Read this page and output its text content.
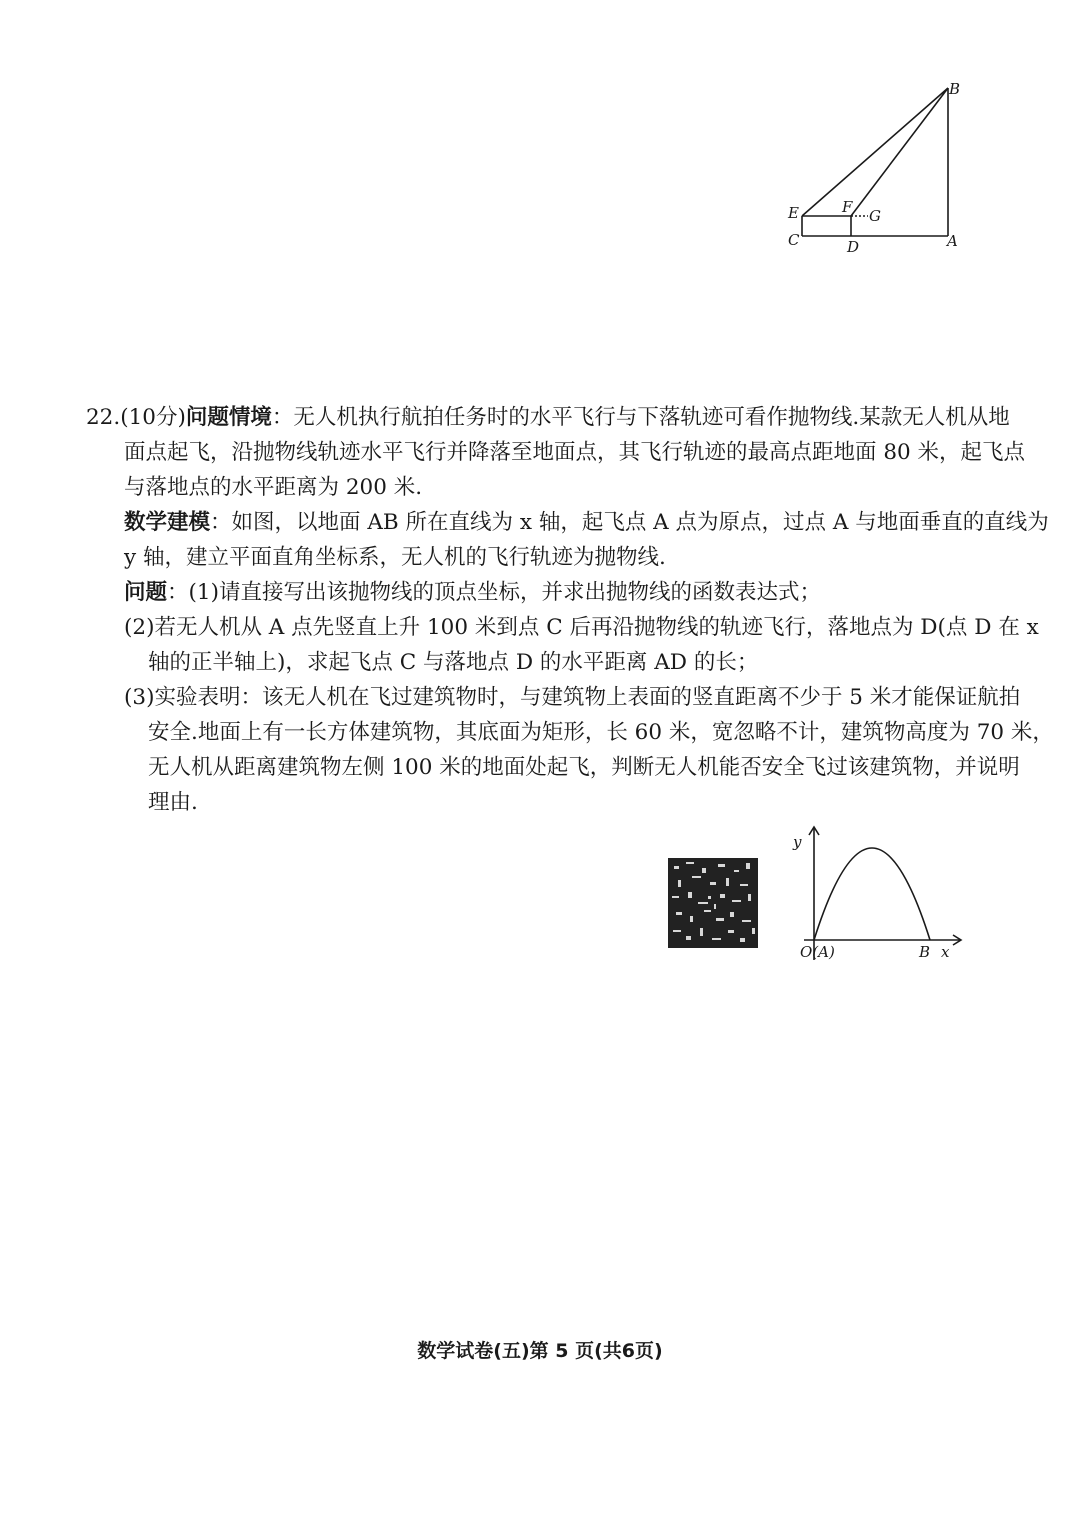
B
E	F G
C	D	A
22.(10分)问题情境：无人机执行航拍任务时的水平飞行与下落轨迹可看作抛物线.某款无人机从地
面点起飞，沿抛物线轨迹水平飞行并降落至地面点，其飞行轨迹的最高点距地面 80 米，起飞点
与落地点的水平距离为 200 米.
数学建模：如图，以地面 AB 所在直线为 x 轴，起飞点 A 点为原点，过点 A 与地面垂直的直线为
y 轴，建立平面直角坐标系，无人机的飞行轨迹为抛物线.
问题：(1)请直接写出该抛物线的顶点坐标，并求出抛物线的函数表达式；
(2)若无人机从 A 点先竖直上升 100 米到点 C 后再沿抛物线的轨迹飞行，落地点为 D(点 D 在 x
轴的正半轴上)，求起飞点 C 与落地点 D 的水平距离 AD 的长；
(3)实验表明：该无人机在飞过建筑物时，与建筑物上表面的竖直距离不少于 5 米才能保证航拍
安全.地面上有一长方体建筑物，其底面为矩形，长 60 米，宽忽略不计，建筑物高度为 70 米，
无人机从距离建筑物左侧 100 米的地面处起飞，判断无人机能否安全飞过该建筑物，并说明
理由.
y
O(A)	B x
数学试卷(五)第 5 页(共6页)
